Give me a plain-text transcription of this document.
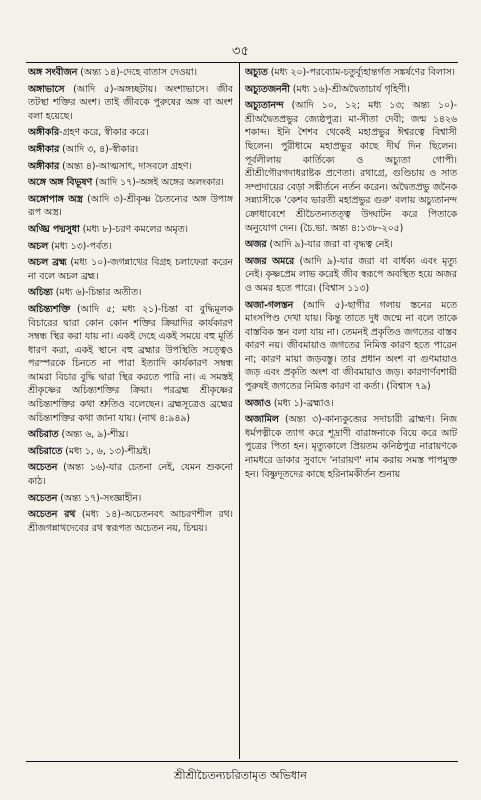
৩৫

অঙ্গ সংবীজন (অন্ত্য ১৪)-দেহে বাতাস দেওয়া।

অঙ্গাভাসে (আদি ৫)-অঙ্গচ্ছটায়। অংশাভাসে। জীব তটস্থা শক্তির অংশ। তাই জীবকে পুরুষের অঙ্গ বা অংশ বলা হয়েছে।

অঙ্গীকরি-গ্রহণ করে, স্বীকার করে।

অঙ্গীকার (আদি ৩, ৪)-স্বীকার।

অঙ্গীকার (অন্ত্য ৪)-আত্মসাৎ, দাসবলে গ্রহণ।

অঙ্গে অঙ্গ বিভূষণ (আদি ১৭)-অঙ্গই অঙ্গের অলংকার।

অঙ্গোপাঙ্গ অস্ত্র (আদি ৩)-শ্রীকৃষ্ণ চৈতন্যের অঙ্গ উপাঙ্গ রূপ অস্ত্র।

অঙ্ঘ্রি পদ্মসুধা (মধ্য ৮)-চরণ কমলের অমৃত।

অচল (মধ্য ১৩)-পর্বত।

অচল ব্রহ্ম (মধ্য ১০)-জগন্নাথের বিগ্রহ চলাফেরা করেন না বলে অচল ব্রহ্ম।

অচিন্ত্য (মধ্য ৬)-চিন্তার অতীত।

অচিন্ত্যশক্তি (আদি ৫; মধ্য ২১)-চিন্তা বা বুদ্ধিমূলক বিচারের দ্বারা কোন কোন শক্তির ক্রিয়াদির কার্যকারণ সম্বন্ধ স্থির করা যায় না। একই দেহে একই সময়ে বহু মূর্তি ধারণ করা, একই স্থানে বহু ব্রহ্মার উপস্থিতি সত্ত্বেও পরস্পরকে চিনতে না পারা ইত্যাদি কার্যকারণ সম্বন্ধ আমরা বিচার বুদ্ধি দ্বারা স্থির করতে পারি না। এ সমস্তই শ্রীকৃষ্ণের অচিন্ত্যশক্তির ক্রিয়া। পরব্রহ্ম শ্রীকৃষ্ণের অচিন্ত্যশক্তির কথা শ্রুতিও বলেছেন। ব্রহ্মসূত্রেও ব্রহ্মের অচিন্ত্যশক্তির কথা জানা যায়। (নাথ ৪:৯৪৯)

অচিরাত (অন্ত্য ৬, ৯)-শীঘ্র।

অচিরাতে (মধ্য ১, ৬, ১৩)-শীঘ্রই।

অচেতন (অন্ত্য ১৬)-যার চেতনা নেই, যেমন শুকনো কাঠ।

অচেতন (অন্ত্য ১৭)-সংজ্ঞাহীন।

অচেতন রথ (মধ্য ১৪)-অচেতনবৎ আচরণশীল রথ। শ্রীজগন্নাথদেবের রথ স্বরূপত অচেতন নয়, চিন্ময়।

অচ্যুত (মধ্য ২০)-পরব্যোম-চতুর্ব্যূহান্তর্গত সঙ্কর্ষণের বিলাস।

অচ্যুতজননী (মধ্য ১৬)-শ্রীঅদ্বৈতাচার্য গৃহিণী।

অচ্যুতানন্দ (আদি ১০, ১২; মধ্য ১৩; অন্ত্য ১০)-শ্রীঅদ্বৈতপ্রভুর জ্যেষ্ঠপুত্র। মা-সীতা দেবী; জন্ম ১৪২৬ শকাব্দ। ইনি শৈশব থেকেই মহাপ্রভুর ঈশ্বরত্বে বিশ্বাসী ছিলেন। পুরীধামে মহাপ্রভুর কাছে দীর্ঘ দিন ছিলেন। পূর্বলীলায় কার্তিক্যে ও অচ্যুতা গোপী। শ্রীশ্রীগৌরগদাধরাষ্টক প্রণেতা। রথাগ্রে, গুণ্ডিচায় ও সাত সম্প্রদায়ের বেড়া সঙ্কীর্তনে নর্তন করেন। অদ্বৈতপ্রভু জনৈক সন্ন্যাসীকে 'কেশব ভারতী মহাপ্রভুর গুরু' বলায় অচ্যুতানন্দ ক্রোধাবেশে শ্রীচৈতন্যতত্ত্ব উদ্ঘাটন করে পিতাকে অনুযোগ দেন। (চৈ.ভা. অন্ত্য ৪:১৩৮-২০৫)

অজর (আদি ৯)-যার জরা বা বৃদ্ধত্ব নেই।

অজর অমরে (আদি ৯)-যার জরা বা বার্ধক্য এবং মৃত্যু নেই। কৃষ্ণপ্রেম লাভ করেই জীব স্বরূপে অবস্থিত হয়ে অজর ও অমর হতে পারে। (বিশ্বাস ১১৩)

অজা-গলস্তন (আদি ৫)-ছাগীর গলায় স্তনের মতে মাংসপিণ্ড দেখা যায়। কিন্তু তাতে দুধ জন্মে না বলে তাকে বাস্তবিক স্তন বলা যায় না। তেমনই প্রকৃতিও জগতের বাস্তব কারণ নয়। জীবমায়াও জগতের নিমিত্ত কারণ হতে পারেন না; কারণ মায়া জড়বস্তু। তার প্রধান অংশ বা গুণমায়াও জড় এবং প্রকৃতি অংশ বা জীবমায়াও জড়। কারণার্ণবশায়ী পুরুষই জগতের নিমিত্ত কারণ বা কর্তা। (বিশ্বাস ৭৯)

অজাও (মধ্য ১)-ব্রহ্মাও।

অজামিল (অন্ত্য ৩)-কান্যকুব্জের সদাচারী ব্রাহ্মণ। নিজ ধর্মপত্নীকে ত্যাগ করে শূদ্রাণী বারাঙ্গনাকে বিয়ে করে আট পুত্রের পিতা হন। মৃত্যুকালে প্রিয়তম কনিষ্ঠপুত্র নারায়ণকে নামধরে ডাকার সুবাদে 'নারায়ণ' নাম করায় সমস্ত পাপমুক্ত হন। বিষ্ণুদূতদের কাছে হরিনামকীর্তন শুনায়

শ্রীশ্রীচৈতন্যচরিতামৃত অভিধান
